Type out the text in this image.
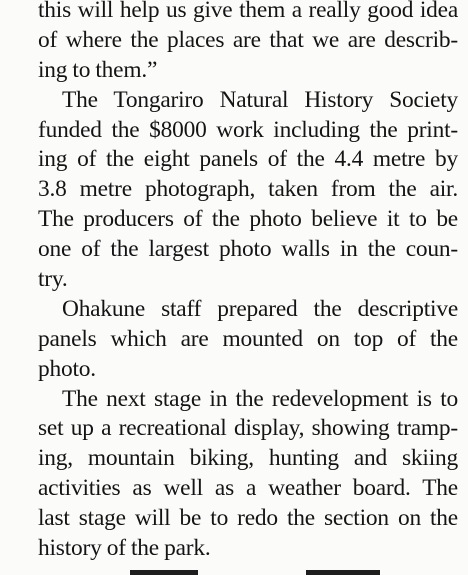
this will help us give them a really good idea
of where the places are that we are describ-
ing to them.”
The Tongariro Natural History Society
funded the $8000 work including the print-
ing of the eight panels of the 4.4 metre by
3.8 metre photograph, taken from the air.
The producers of the photo believe it to be
one of the largest photo walls in the coun-
try.
Ohakune staff prepared the descriptive
panels which are mounted on top of the
photo.
The next stage in the redevelopment is to
set up a recreational display, showing tramp-
ing, mountain biking, hunting and skiing
activities as well as a weather board. The
last stage will be to redo the section on the
history of the park.
